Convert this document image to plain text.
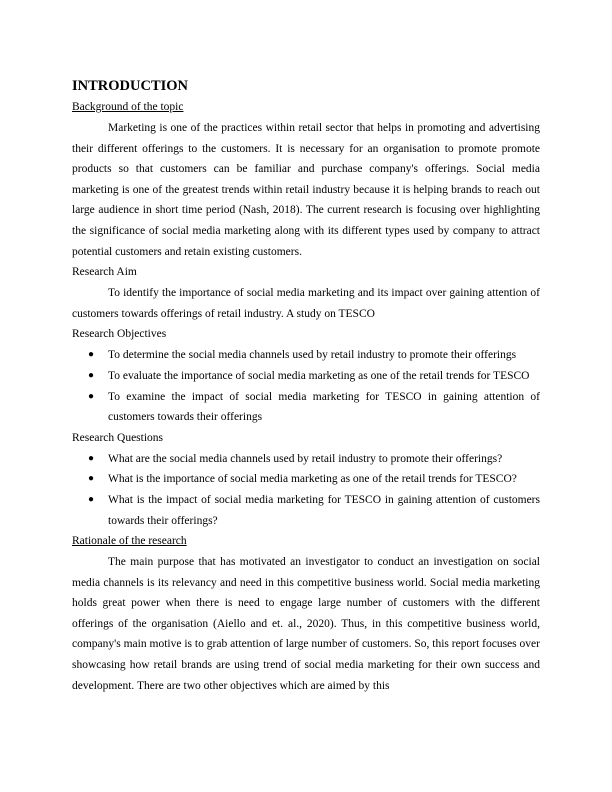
INTRODUCTION
Background of the topic

Marketing is one of the practices within retail sector that helps in promoting and advertising their different offerings to the customers. It is necessary for an organisation to promote promote products so that customers can be familiar and purchase company's offerings. Social media marketing is one of the greatest trends within retail industry because it is helping brands to reach out large audience in short time period (Nash, 2018). The current research is focusing over highlighting the significance of social media marketing along with its different types used by company to attract potential customers and retain existing customers.

Research Aim

To identify the importance of social media marketing and its impact over gaining attention of customers towards offerings of retail industry. A study on TESCO

Research Objectives
● To determine the social media channels used by retail industry to promote their offerings
● To evaluate the importance of social media marketing as one of the retail trends for TESCO
● To examine the impact of social media marketing for TESCO in gaining attention of customers towards their offerings
Research Questions
● What are the social media channels used by retail industry to promote their offerings?
● What is the importance of social media marketing as one of the retail trends for TESCO?
● What is the impact of social media marketing for TESCO in gaining attention of customers towards their offerings?
Rationale of the research

The main purpose that has motivated an investigator to conduct an investigation on social media channels is its relevancy and need in this competitive business world. Social media marketing holds great power when there is need to engage large number of customers with the different offerings of the organisation (Aiello and et. al., 2020). Thus, in this competitive business world, company's main motive is to grab attention of large number of customers. So, this report focuses over showcasing how retail brands are using trend of social media marketing for their own success and development. There are two other objectives which are aimed by this
